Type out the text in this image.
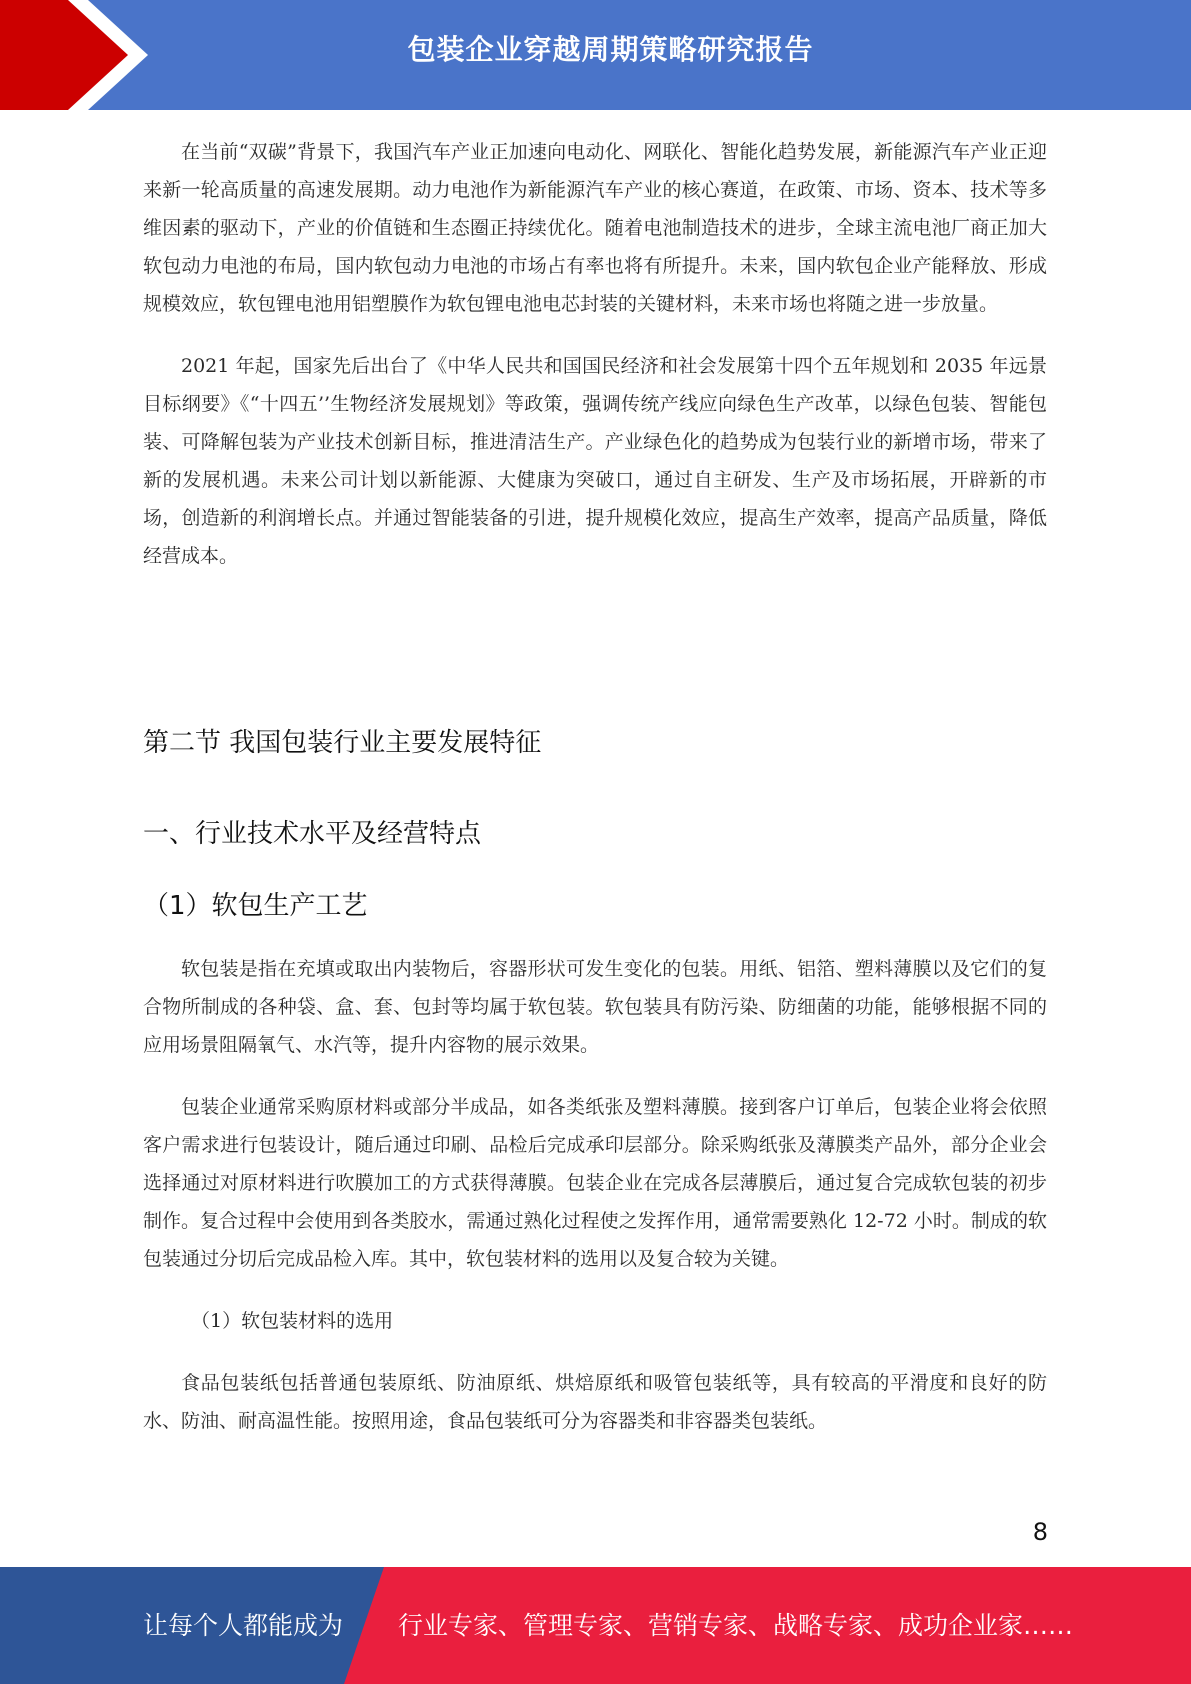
包装企业穿越周期策略研究报告

在当前“双碳”背景下，我国汽车产业正加速向电动化、网联化、智能化趋势发展，新能源汽车产业正迎来新一轮高质量的高速发展期。动力电池作为新能源汽车产业的核心赛道，在政策、市场、资本、技术等多维因素的驱动下，产业的价值链和生态圈正持续优化。随着电池制造技术的进步，全球主流电池厂商正加大软包动力电池的布局，国内软包动力电池的市场占有率也将有所提升。未来，国内软包企业产能释放、形成规模效应，软包锂电池用铝塑膜作为软包锂电池电芯封装的关键材料，未来市场也将随之进一步放量。

2021 年起，国家先后出台了《中华人民共和国国民经济和社会发展第十四个五年规划和 2035 年远景目标纲要》《“十四五’’生物经济发展规划》等政策，强调传统产线应向绿色生产改革，以绿色包装、智能包装、可降解包装为产业技术创新目标，推进清洁生产。产业绿色化的趋势成为包装行业的新增市场，带来了新的发展机遇。未来公司计划以新能源、大健康为突破口，通过自主研发、生产及市场拓展，开辟新的市场，创造新的利润增长点。并通过智能装备的引进，提升规模化效应，提高生产效率，提高产品质量，降低经营成本。

第二节 我国包装行业主要发展特征
一、行业技术水平及经营特点
（1）软包生产工艺

软包装是指在充填或取出内装物后，容器形状可发生变化的包装。用纸、铝箔、塑料薄膜以及它们的复合物所制成的各种袋、盒、套、包封等均属于软包装。软包装具有防污染、防细菌的功能，能够根据不同的应用场景阻隔氧气、水汽等，提升内容物的展示效果。

包装企业通常采购原材料或部分半成品，如各类纸张及塑料薄膜。接到客户订单后，包装企业将会依照客户需求进行包装设计，随后通过印刷、品检后完成承印层部分。除采购纸张及薄膜类产品外，部分企业会选择通过对原材料进行吹膜加工的方式获得薄膜。包装企业在完成各层薄膜后，通过复合完成软包装的初步制作。复合过程中会使用到各类胶水，需通过熟化过程使之发挥作用，通常需要熟化 12-72 小时。制成的软包装通过分切后完成品检入库。其中，软包装材料的选用以及复合较为关键。

（1）软包装材料的选用

食品包装纸包括普通包装原纸、防油原纸、烘焙原纸和吸管包装纸等，具有较高的平滑度和良好的防水、防油、耐高温性能。按照用途，食品包装纸可分为容器类和非容器类包装纸。

8
让每个人都能成为 行业专家、管理专家、营销专家、战略专家、成功企业家……
